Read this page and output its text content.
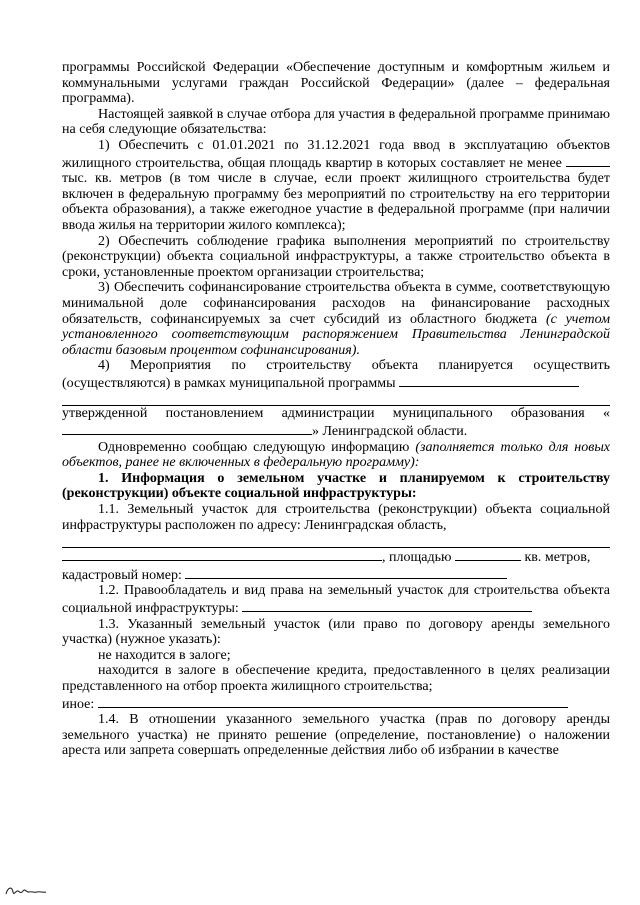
программы Российской Федерации «Обеспечение доступным и комфортным жильем и коммунальными услугами граждан Российской Федерации» (далее – федеральная программа).

Настоящей заявкой в случае отбора для участия в федеральной программе принимаю на себя следующие обязательства:

1) Обеспечить с 01.01.2021 по 31.12.2021 года ввод в эксплуатацию объектов жилищного строительства, общая площадь квартир в которых составляет не менее  тыс. кв. метров (в том числе в случае, если проект жилищного строительства будет включен в федеральную программу без мероприятий по строительству на его территории объекта образования), а также ежегодное участие в федеральной программе (при наличии ввода жилья на территории жилого комплекса);

2) Обеспечить соблюдение графика выполнения мероприятий по строительству (реконструкции) объекта социальной инфраструктуры, а также строительство объекта в сроки, установленные проектом организации строительства;

3) Обеспечить софинансирование строительства объекта в сумме, соответствующую минимальной доле софинансирования расходов на финансирование расходных обязательств, софинансируемых за счет субсидий из областного бюджета (с учетом установленного соответствующим распоряжением Правительства Ленинградской области базовым процентом софинансирования).

4) Мероприятия по строительству объекта планируется осуществить (осуществляются) в рамках муниципальной программы

утвержденной постановлением администрации муниципального образования «» Ленинградской области.

Одновременно сообщаю следующую информацию (заполняется только для новых объектов, ранее не включенных в федеральную программу):

1. Информация о земельном участке и планируемом к строительству (реконструкции) объекте социальной инфраструктуры:

1.1. Земельный участок для строительства (реконструкции) объекта социальной инфраструктуры расположен по адресу: Ленинградская область,

, площадью	кв. метров,

кадастровый номер:

1.2. Правообладатель и вид права на земельный участок для строительства объекта социальной инфраструктуры:

1.3. Указанный земельный участок (или право по договору аренды земельного участка) (нужное указать):

не находится в залоге;

находится в залоге в обеспечение кредита, предоставленного в целях реализации представленного на отбор проекта жилищного строительства;

иное:

1.4. В отношении указанного земельного участка (прав по договору аренды земельного участка) не принято решение (определение, постановление) о наложении ареста или запрета совершать определенные действия либо об избрании в качестве
